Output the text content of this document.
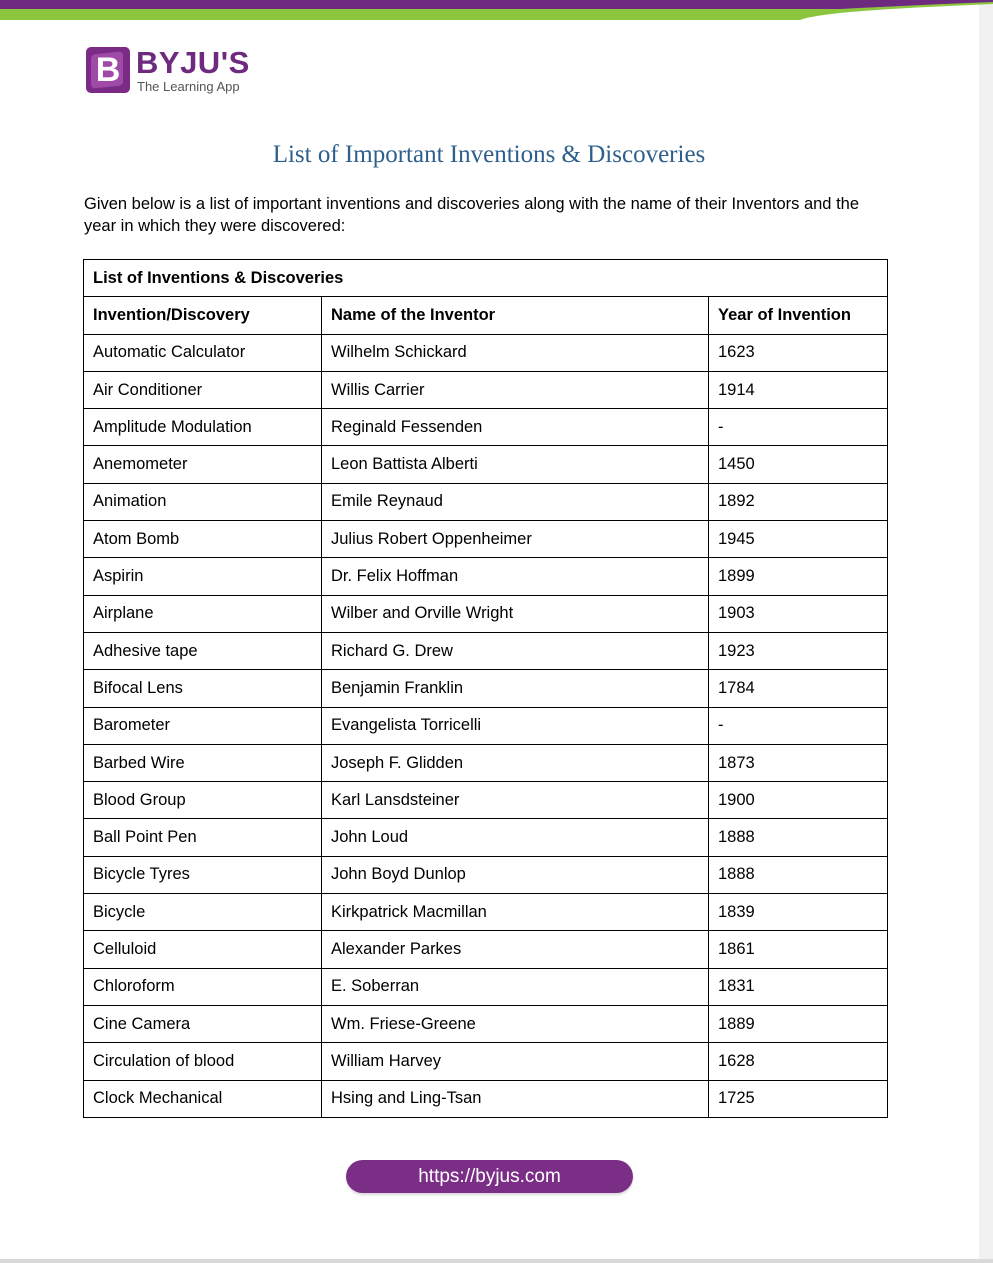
B BYJU'S
The Learning App
List of Important Inventions & Discoveries
Given below is a list of important inventions and discoveries along with the name of their Inventors and the year in which they were discovered:
List of Inventions & Discoveries		
Invention/Discovery	Name of the Inventor	Year of Invention
Automatic Calculator	Wilhelm Schickard	1623
Air Conditioner	Willis Carrier	1914
Amplitude Modulation	Reginald Fessenden	-
Anemometer	Leon Battista Alberti	1450
Animation	Emile Reynaud	1892
Atom Bomb	Julius Robert Oppenheimer	1945
Aspirin	Dr. Felix Hoffman	1899
Airplane	Wilber and Orville Wright	1903
Adhesive tape	Richard G. Drew	1923
Bifocal Lens	Benjamin Franklin	1784
Barometer	Evangelista Torricelli	-
Barbed Wire	Joseph F. Glidden	1873
Blood Group	Karl Lansdsteiner	1900
Ball Point Pen	John Loud	1888
Bicycle Tyres	John Boyd Dunlop	1888
Bicycle	Kirkpatrick Macmillan	1839
Celluloid	Alexander Parkes	1861
Chloroform	E. Soberran	1831
Cine Camera	Wm. Friese-Greene	1889
Circulation of blood	William Harvey	1628
Clock Mechanical	Hsing and Ling-Tsan	1725
https://byjus.com
